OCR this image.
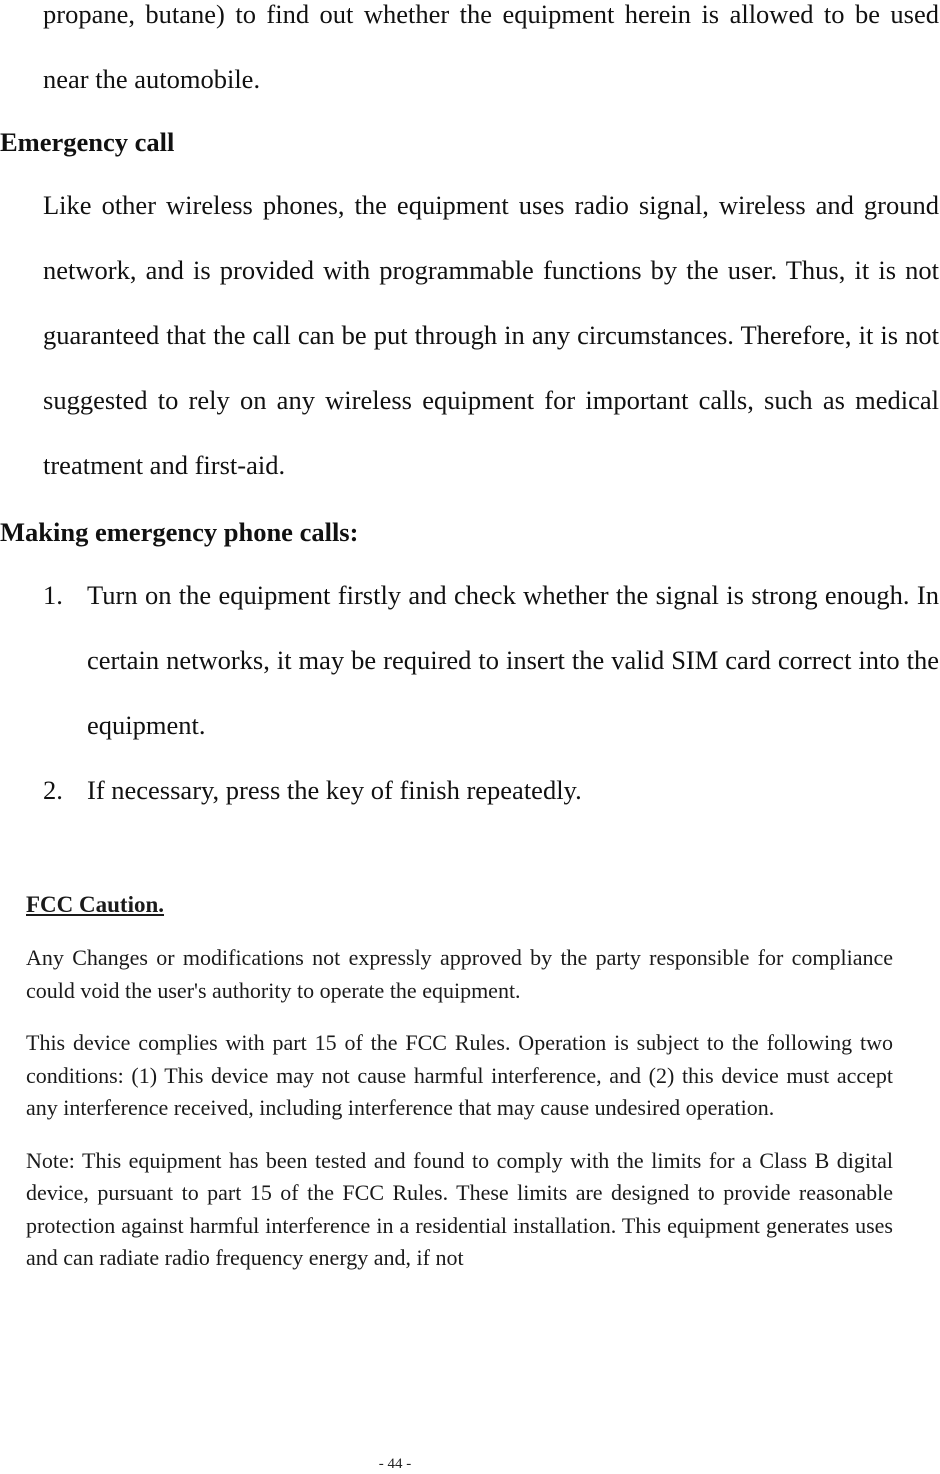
propane, butane) to find out whether the equipment herein is allowed to be used near the automobile.
Emergency call
Like other wireless phones, the equipment uses radio signal, wireless and ground network, and is provided with programmable functions by the user. Thus, it is not guaranteed that the call can be put through in any circumstances. Therefore, it is not suggested to rely on any wireless equipment for important calls, such as medical treatment and first-aid.
Making emergency phone calls:
1. Turn on the equipment firstly and check whether the signal is strong enough. In certain networks, it may be required to insert the valid SIM card correct into the equipment.
2. If necessary, press the key of finish repeatedly.
FCC Caution.

Any Changes or modifications not expressly approved by the party responsible for compliance could void the user's authority to operate the equipment.

This device complies with part 15 of the FCC Rules. Operation is subject to the following two conditions: (1) This device may not cause harmful interference, and (2) this device must accept any interference received, including interference that may cause undesired operation.

Note: This equipment has been tested and found to comply with the limits for a Class B digital device, pursuant to part 15 of the FCC Rules. These limits are designed to provide reasonable protection against harmful interference in a residential installation. This equipment generates uses and can radiate radio frequency energy and, if not

- 44 -
